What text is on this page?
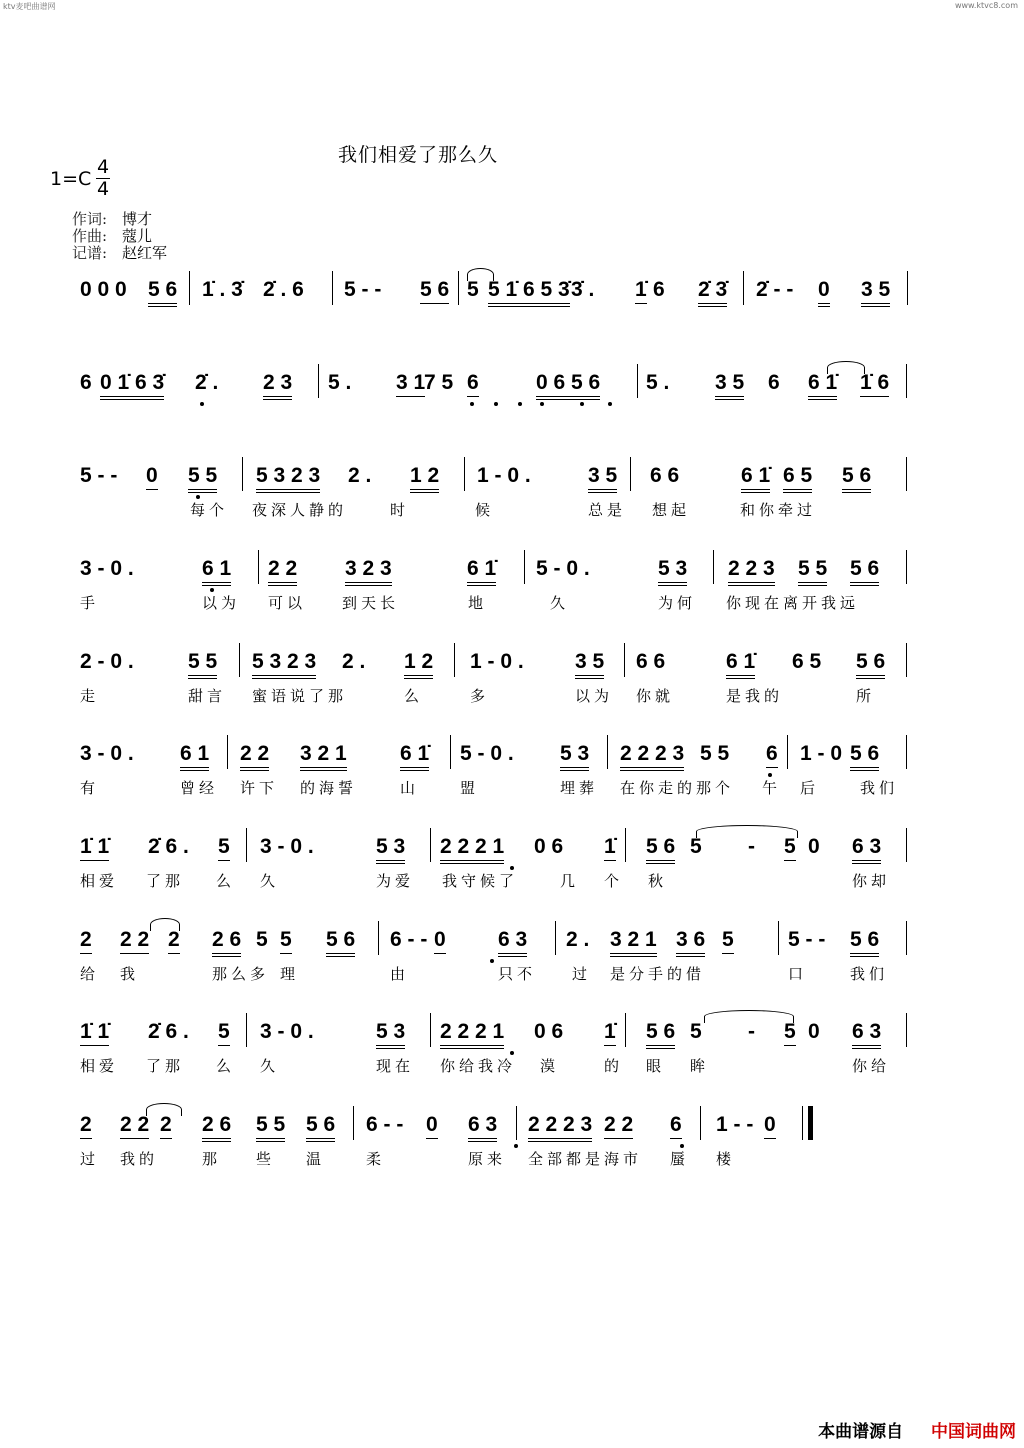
ktv麦吧曲谱网	www.ktvc8.com
我们相爱了那么久
1=C
4
4
作词: 博才
作曲: 蔻儿
记谱: 赵红军
0 0 0 5 6 1̇ . 3̇ 2̇ . 6 5 - - 5 6 5 5 1̇ 6 5 3̇ 3̇ . 1̇ 6 2̇ 3̇ 2̇ - - 0 3 5
6 0 1̇ 6 3̇ 2̇ . 2 3 5 . 3 1
7 5 6	0 6 5 6 5 . 3 5 6 6 1̇ 1̇ 6
5 - - 0 5 5 5 3 2 3 2 . 1 2 1 - 0 .	3 5 6 6	6 1̇ 6 5 5 6
每个 夜深人静的	时	候	总是 想起	和你牵过
3 - 0 .	6 1 2 2 3 2 3	6 1̇ 5 - 0 .	5 3 2 2 3 5 5 5 6
手	以为 可以 到天长	地	久	为何 你现在离开我远
2 - 0 .	5 5 5 3 2 3 2 . 1 2 1 - 0 . 3 5 6 6	6 1̇ 6 5 5 6
走	甜言 蜜语说了那	么	多	以为 你就	是我的	所
3 - 0 . 6 1 2 2 3 2 1	6 1̇ 5 - 0 . 5 3 2 2 2 3 5 5 6 1 - 0 5 6
有	曾经 许下 的海誓	山	盟	埋葬 在你走的那个 午 后	我们
1̇ 1̇ 2̇ 6 . 5 3 - 0 .	5 3 2 2 2 1 0 6 1̇ 5 6 5 - 5 0 6 3
相爱 了那 么 久	为爱 我守候了	几 个 秋	你却
2 2 2 2 2 6 5 5 5 6 6 - - 0 6 3 2 . 3 2 1 3 6 5	5 - - 5 6
给 我	那么多 理	由	只不 过 是分手的借	口	我们
1̇ 1̇ 2̇ 6 . 5 3 - 0 .	5 3 2 2 2 1 0 6 1̇ 5 6 5 - 5 0 6 3
相爱 了那 么 久	现在 你给我冷 漠	的 眼 眸	你给
2 2 2 2 2 6 5 5 5 6 6 - - 0 6 3 2 2 2 3 2 2 6 1 - - 0
过 我的	那 些 温	柔	原来 全部都是海市 蜃 楼
本曲谱源自 中国词曲网
